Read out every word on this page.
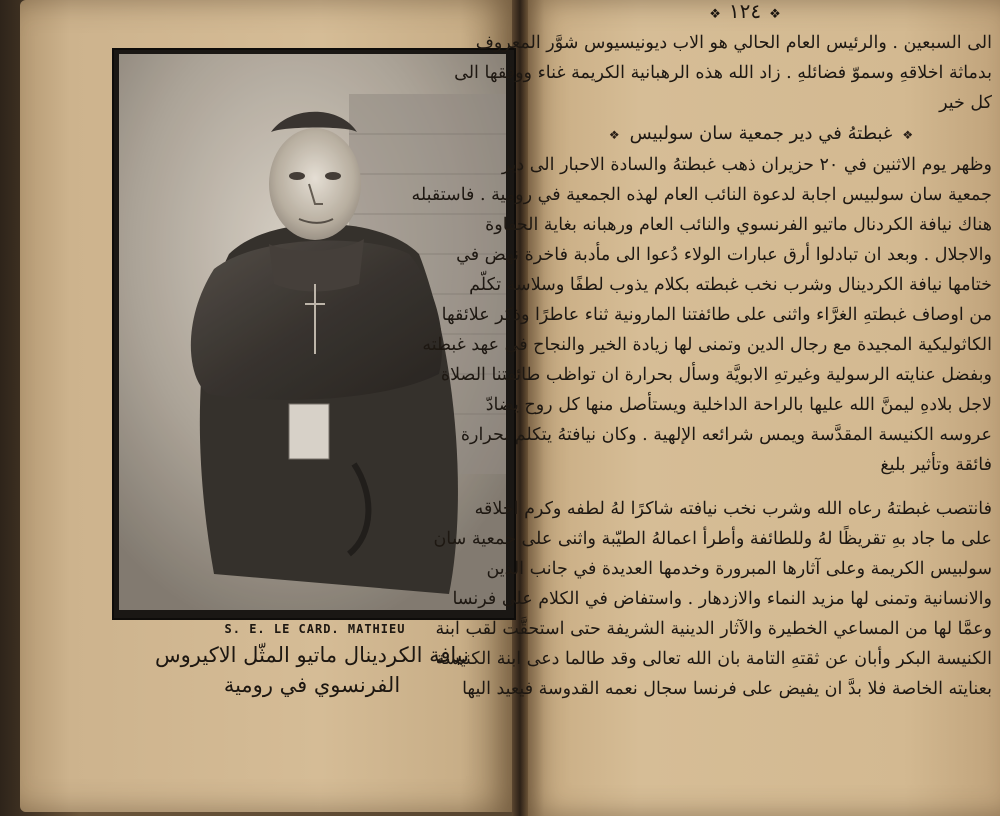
S. E. LE CARD. MATHIEU
نيافة الكردينال ماتيو المثّل الاكيروس الفرنسوي في رومية
❖ ١٢٤ ❖
الى السبعين . والرئيس العام الحالي هو الاب ديونيسيوس شوَّر المعروف
بدماثة اخلاقهِ وسموّ فضائلهِ . زاد الله هذه الرهبانية الكريمة غناء ووفقها الى
كل خير
❖غبطتهُ في دير جمعية سان سولبيس❖
وظهر يوم الاثنين في ٢٠ حزيران ذهب غبطتهُ والسادة الاحبار الى دير
جمعية سان سولبيس اجابة لدعوة النائب العام لهذه الجمعية في رومية . فاستقبله
هناك نيافة الكردنال ماتيو الفرنسوي والنائب العام ورهبانه بغاية الحفاوة
والاجلال . وبعد ان تبادلوا أرق عبارات الولاء دُعوا الى مأدبة فاخرة نهض في
ختامها نيافة الكردينال وشرب نخب غبطته بكلام يذوب لطفًا وسلاسة تكلّم
من اوصاف غبطتهِ الغرَّاء واثنى على طائفتنا المارونية ثناء عاطرًا وذكر علائقها
الكاثوليكية المجيدة مع رجال الدين وتمنى لها زيادة الخير والنجاح في عهد غبطته
وبفضل عنايته الرسولية وغيرتهِ الابويَّة وسأل بحرارة ان تواظب طائفتنا الصلاة
لاجل بلادهِ ليمنَّ الله عليها بالراحة الداخلية ويستأصل منها كل روح يضادّ
عروسه الكنيسة المقدَّسة ويمس شرائعه الإلهية . وكان نيافتهُ يتكلم بحرارة
فائقة وتأثير بليغ
فانتصب غبطتهُ رعاه الله وشرب نخب نيافته شاكرًا لهُ لطفه وكرم اخلاقه
على ما جاد بهِ تقريظًا لهُ وللطائفة وأطرأ اعمالهُ الطيّبة واثنى على جمعية سان
سولبيس الكريمة وعلى آثارها المبرورة وخدمها العديدة في جانب الدين
والانسانية وتمنى لها مزيد النماء والازدهار . واستفاض في الكلام على فرنسا
وعمَّا لها من المساعي الخطيرة والآثار الدينية الشريفة حتى استحقَّت لقب ابنة
الكنيسة البكر وأبان عن ثقتهِ التامة بان الله تعالى وقد طالما دعى ابنة الكنيسة
بعنايته الخاصة فلا بدَّ ان يفيض على فرنسا سجال نعمه القدوسة فيعيد اليها
